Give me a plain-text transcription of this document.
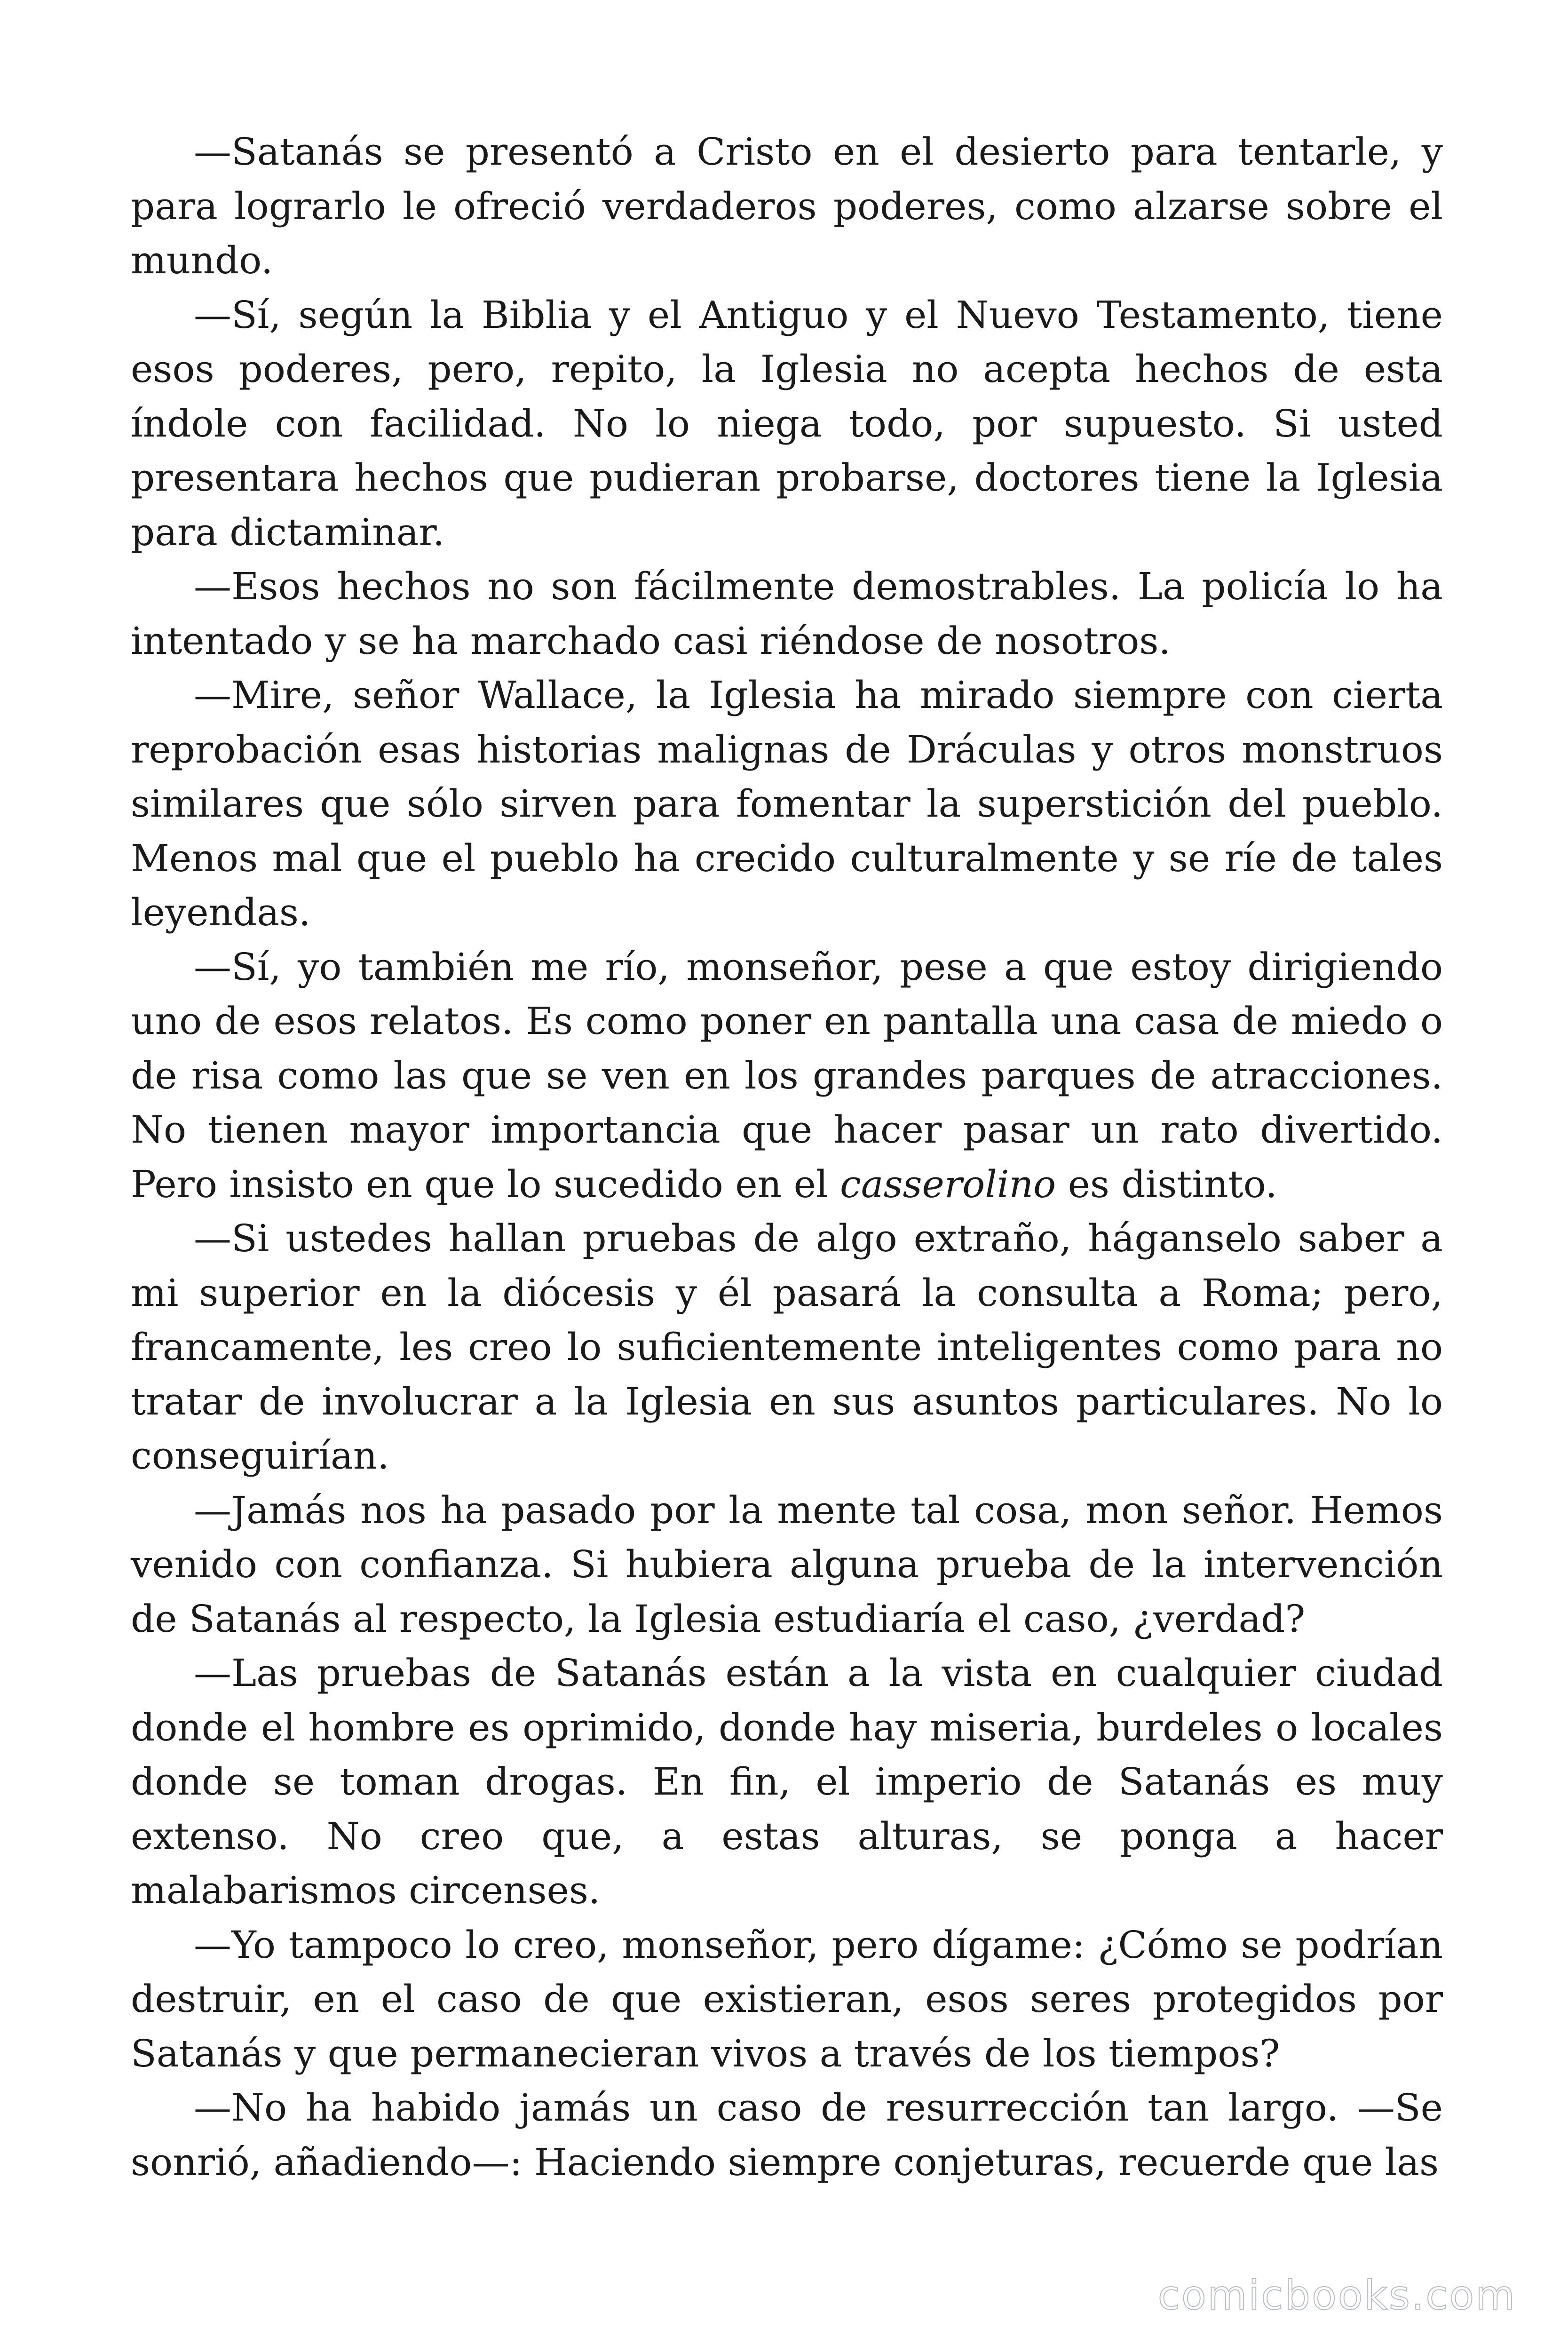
—Satanás se presentó a Cristo en el desierto para tentarle, y para lograrlo le ofreció verdaderos poderes, como alzarse sobre el mundo.

—Sí, según la Biblia y el Antiguo y el Nuevo Testamento, tiene esos poderes, pero, repito, la Iglesia no acepta hechos de esta índole con facilidad. No lo niega todo, por supuesto. Si usted presentara hechos que pudieran probarse, doctores tiene la Iglesia para dictaminar.

—Esos hechos no son fácilmente demostrables. La policía lo ha intentado y se ha marchado casi riéndose de nosotros.

—Mire, señor Wallace, la Iglesia ha mirado siempre con cierta reprobación esas historias malignas de Dráculas y otros monstruos similares que sólo sirven para fomentar la superstición del pueblo. Menos mal que el pueblo ha crecido culturalmente y se ríe de tales leyendas.

—Sí, yo también me río, monseñor, pese a que estoy dirigiendo uno de esos relatos. Es como poner en pantalla una casa de miedo o de risa como las que se ven en los grandes parques de atracciones. No tienen mayor importancia que hacer pasar un rato divertido. Pero insisto en que lo sucedido en el casserolino es distinto.

—Si ustedes hallan pruebas de algo extraño, háganselo saber a mi superior en la diócesis y él pasará la consulta a Roma; pero, francamente, les creo lo suficientemente inteligentes como para no tratar de involucrar a la Iglesia en sus asuntos particulares. No lo conseguirían.

—Jamás nos ha pasado por la mente tal cosa, mon señor. Hemos venido con confianza. Si hubiera alguna prueba de la intervención de Satanás al respecto, la Iglesia estudiaría el caso, ¿verdad?

—Las pruebas de Satanás están a la vista en cualquier ciudad donde el hombre es oprimido, donde hay miseria, burdeles o locales donde se toman drogas. En fin, el imperio de Satanás es muy extenso. No creo que, a estas alturas, se ponga a hacer malabarismos circenses.

—Yo tampoco lo creo, monseñor, pero dígame: ¿Cómo se podrían destruir, en el caso de que existieran, esos seres protegidos por Satanás y que permanecieran vivos a través de los tiempos?

—No ha habido jamás un caso de resurrección tan largo. —Se sonrió, añadiendo—: Haciendo siempre conjeturas, recuerde que las

comicbooks.com
